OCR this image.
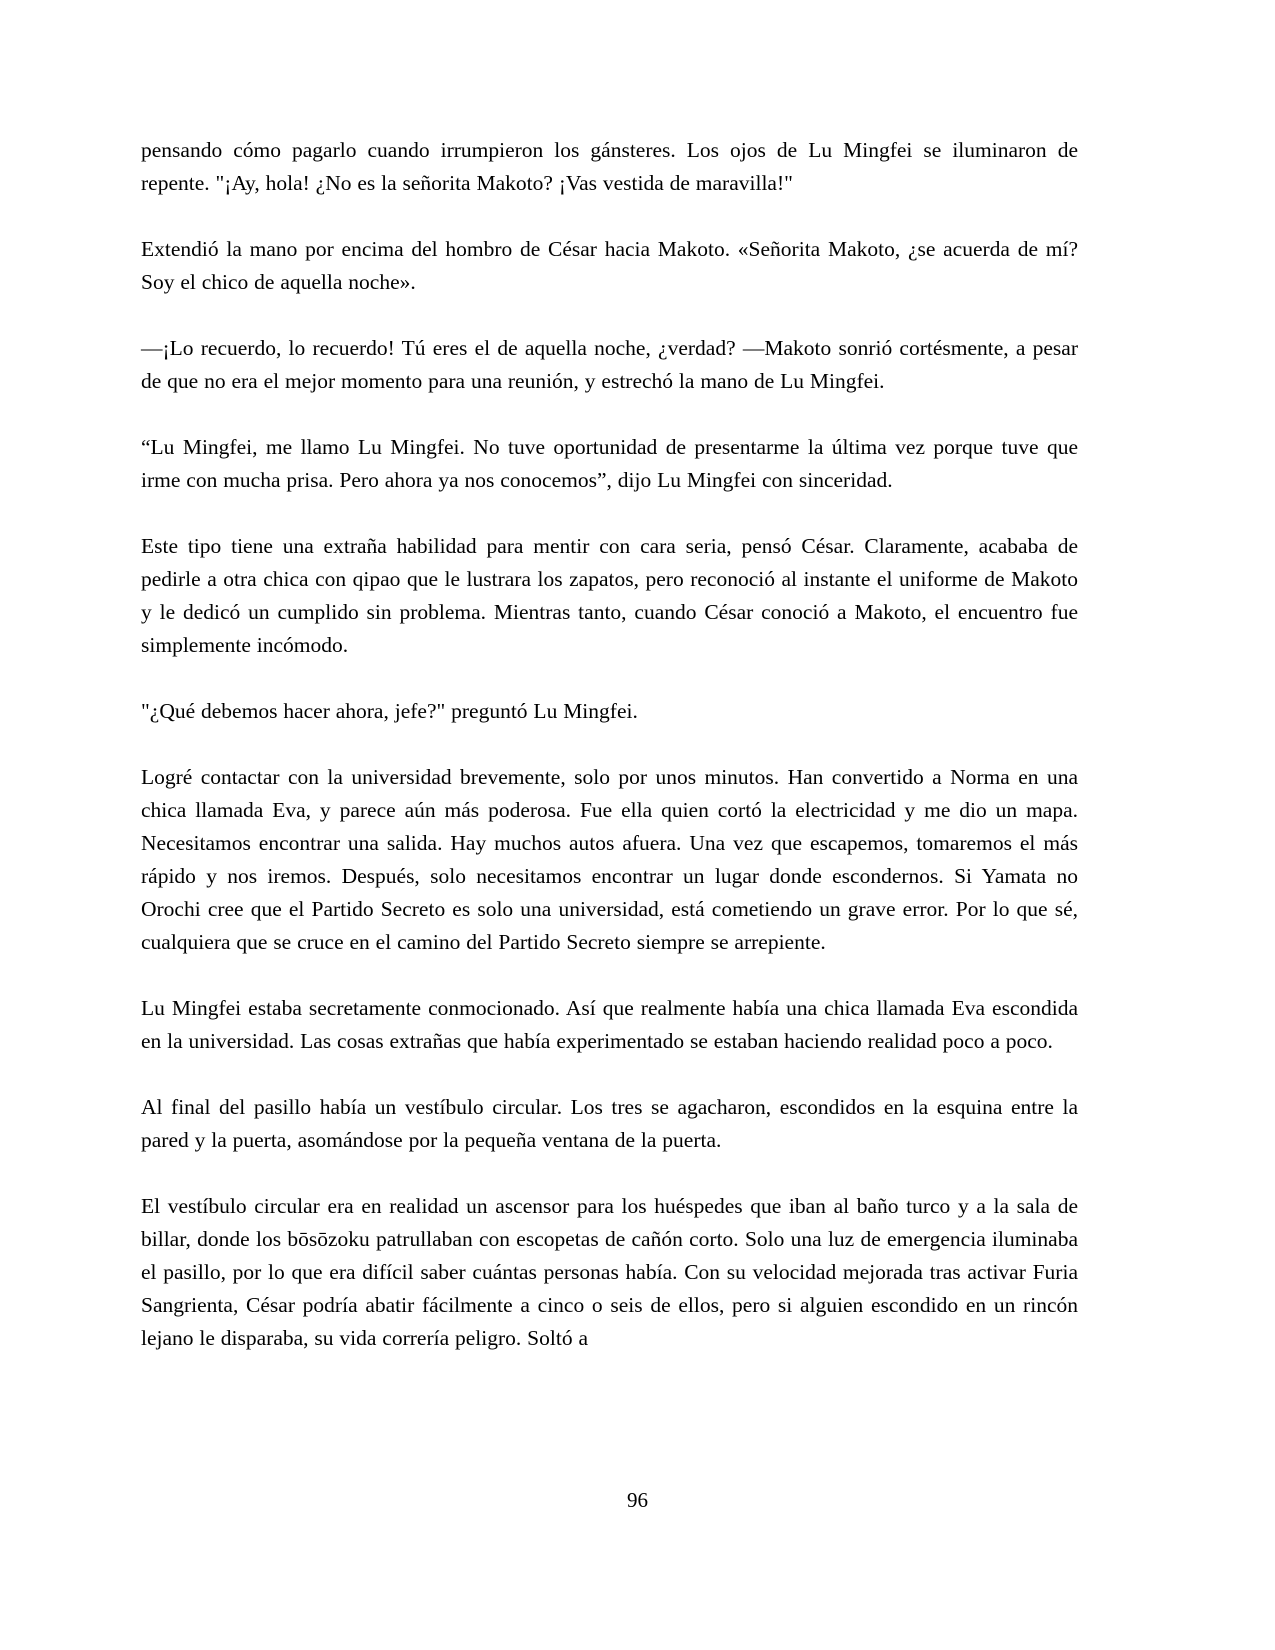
pensando cómo pagarlo cuando irrumpieron los gánsteres. Los ojos de Lu Mingfei se iluminaron de repente. "¡Ay, hola! ¿No es la señorita Makoto? ¡Vas vestida de maravilla!"

Extendió la mano por encima del hombro de César hacia Makoto. «Señorita Makoto, ¿se acuerda de mí? Soy el chico de aquella noche».

—¡Lo recuerdo, lo recuerdo! Tú eres el de aquella noche, ¿verdad? —Makoto sonrió cortésmente, a pesar de que no era el mejor momento para una reunión, y estrechó la mano de Lu Mingfei.

“Lu Mingfei, me llamo Lu Mingfei. No tuve oportunidad de presentarme la última vez porque tuve que irme con mucha prisa. Pero ahora ya nos conocemos”, dijo Lu Mingfei con sinceridad.

Este tipo tiene una extraña habilidad para mentir con cara seria, pensó César. Claramente, acababa de pedirle a otra chica con qipao que le lustrara los zapatos, pero reconoció al instante el uniforme de Makoto y le dedicó un cumplido sin problema. Mientras tanto, cuando César conoció a Makoto, el encuentro fue simplemente incómodo.

"¿Qué debemos hacer ahora, jefe?" preguntó Lu Mingfei.

Logré contactar con la universidad brevemente, solo por unos minutos. Han convertido a Norma en una chica llamada Eva, y parece aún más poderosa. Fue ella quien cortó la electricidad y me dio un mapa. Necesitamos encontrar una salida. Hay muchos autos afuera. Una vez que escapemos, tomaremos el más rápido y nos iremos. Después, solo necesitamos encontrar un lugar donde escondernos. Si Yamata no Orochi cree que el Partido Secreto es solo una universidad, está cometiendo un grave error. Por lo que sé, cualquiera que se cruce en el camino del Partido Secreto siempre se arrepiente.

Lu Mingfei estaba secretamente conmocionado. Así que realmente había una chica llamada Eva escondida en la universidad. Las cosas extrañas que había experimentado se estaban haciendo realidad poco a poco.

Al final del pasillo había un vestíbulo circular. Los tres se agacharon, escondidos en la esquina entre la pared y la puerta, asomándose por la pequeña ventana de la puerta.

El vestíbulo circular era en realidad un ascensor para los huéspedes que iban al baño turco y a la sala de billar, donde los bōsōzoku patrullaban con escopetas de cañón corto. Solo una luz de emergencia iluminaba el pasillo, por lo que era difícil saber cuántas personas había. Con su velocidad mejorada tras activar Furia Sangrienta, César podría abatir fácilmente a cinco o seis de ellos, pero si alguien escondido en un rincón lejano le disparaba, su vida correría peligro. Soltó a

96
